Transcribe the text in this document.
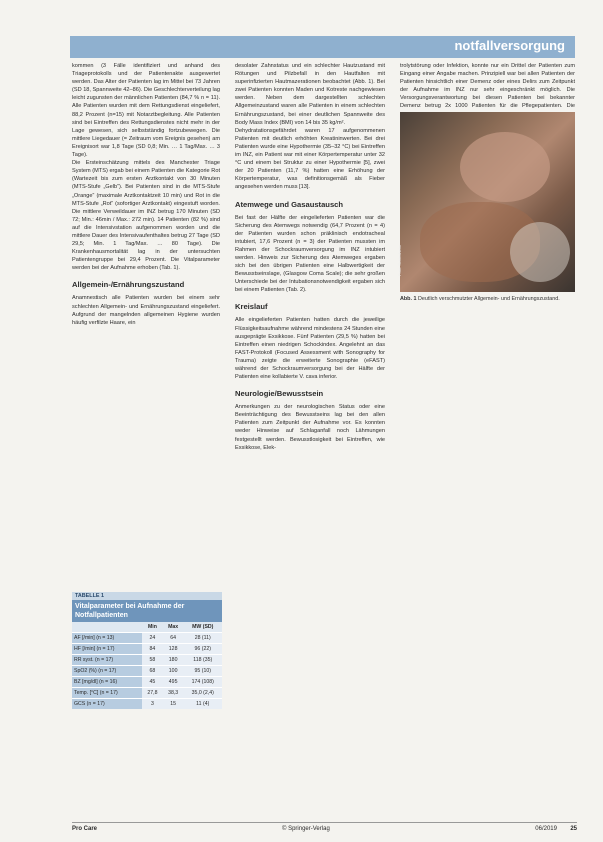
notfallversorgung

kommen (3 Fälle identifiziert und anhand des Triageprotokolls und der Patientenakte ausgewertet werden. Das Alter der Patienten lag im Mittel bei 73 Jahren (SD 18, Spannweite 42–86). Die Geschlechterverteilung lag leicht zugunsten der männlichen Patienten (84,7 % n = 11). Alle Patienten wurden mit dem Rettungsdienst eingeliefert, 88,2 Prozent (n=15) mit Notarztbegleitung. Alle Patienten sind bei Eintreffen des Rettungsdienstes nicht mehr in der Lage gewesen, sich selbstständig fortzubewegen. Die mittlere Liegedauer (= Zeitraum vom Ereignis gesehen) am Ereignisort war 1,8 Tage (SD 0,8; Min. … 1 Tag/Max. … 3 Tage).

Die Ersteinschätzung mittels des Manchester Triage System (MTS) ergab bei einem Patienten die Kategorie Rot (Wartezeit bis zum ersten Arztkontakt von 30 Minuten (MTS-Stufe „Gelb“). Bei Patienten sind in die MTS-Stufe „Orange“ (maximale Arztkontaktzeit 10 min) und Rot in die MTS-Stufe „Rot“ (sofortiger Arztkontakt) eingestuft worden. Die mittlere Verweildauer im INZ betrug 170 Minuten (SD 72; Min.: 46min / Max.: 272 min). 14 Patienten (82 %) sind auf die Intensivstation aufgenommen worden und die mittlere Dauer des Intensivaufenthaltes betrug 27 Tage (SD 29,5; Min. 1 Tag/Max. … 80 Tage). Die Krankenhausmortalität lag in der untersuchten Patientengruppe bei 29,4 Prozent. Die Vitalparameter werden bei der Aufnahme erhoben (Tab. 1).

Allgemein-/Ernährungszustand

Anamnestisch alle Patienten wurden bei einem sehr schlechten Allgemein- und Ernährungszustand eingeliefert. Aufgrund der mangelnden allgemeinen Hygiene wurden häufig verfilzte Haare, ein

desolater Zahnstatus und ein schlechter Hautzustand mit Rötungen und Pilzbefall in den Hautfalten mit superinfizierten Hautmazerationen beobachtet (Abb. 1). Bei zwei Patienten konnten Maden und Kotreste nachgewiesen werden. Neben dem dargestellten schlechten Allgemeinzustand waren alle Patienten in einem schlechten Ernährungszustand, bei einer deutlichen Spannweite des Body Mass Index (BMI) von 14 bis 35 kg/m².

Dehydratationsgefährdet waren 17 aufgenommenen Patienten mit deutlich erhöhten Kreatininwerten. Bei drei Patienten wurde eine Hypothermie (35–32 °C) bei Eintreffen im INZ, ein Patient war mit einer Körpertemperatur unter 32 °C und einem bei Struktur zu einer Hypothermie [5], zwei der 20 Patienten (11,7 %) hatten eine Erhöhung der Körpertemperatur, was definitionsgemäß als Fieber angesehen werden muss [13].

Atemwege und Gasaustausch

Bei fast der Hälfte der eingelieferten Patienten war die Sicherung des Atemwegs notwendig (64,7 Prozent (n = 4) der Patienten wurden schon präklinisch endotracheal intubiert, 17,6 Prozent (n = 3) der Patienten mussten im Rahmen der Schockraumversorgung im INZ intubiert werden. Hinweis zur Sicherung des Atemweges ergaben sich bei den übrigen Patienten eine Halbwertigkeit der Bewusstseinslage, (Glasgow Coma Scale); die sehr großen Unterschiede bei der Intubationsnotwendigkeit ergaben sich bei einem Patienten (Tab. 2).

Kreislauf

Alle eingelieferten Patienten hatten durch die jeweilige Flüssigkeitsaufnahme während mindestens 24 Stunden eine ausgeprägte Exsikkose. Fünf Patienten (29,5 %) hatten bei Eintreffen einen niedrigen Schockindex. Angelehnt an das FAST-Protokoll (Focused Assessment with Sonography for Trauma) zeigte die erweiterte Sonographie (eFAST) während der Schockraumversorgung bei der Hälfte der Patienten eine kollabierte V. cava inferior.

Neurologie/Bewusstsein

Anmerkungen zu der neurologischen Status oder eine Beeinträchtigung des Bewusstseins lag bei den allen Patienten zum Zeitpunkt der Aufnahme vor. Es konnten weder Hinweise auf Schlaganfall noch Lähmungen festgestellt werden. Bewusstlosigkeit bei Eintreffen, wie Exsikkose, Elek-

trolytstörung oder Infektion, konnte nur ein Drittel der Patienten zum Eingang einer Angabe machen. Prinzipiell war bei allen Patienten der Patienten hinsichtlich einer Demenz oder eines Delirs zum Zeitpunkt der Aufnahme im INZ nur sehr eingeschränkt möglich. Die Versorgungsverantwortung bei diesen Patienten bei bekannter Demenz betrug 2x 1000 Patienten für die Pflegepatienten. Die

Foto: Schiedhelm
Abb. 1 Deutlich verschmutzter Allgemein- und Ernährungszustand.
TABELLE 1
Vitalparameter bei Aufnahme der Notfallpatienten
	Min	Max	MW (SD)
AF [/min] (n = 13)	24	64	28 (11)
HF [/min] (n = 17)	84	128	96 (22)
RR syst. (n = 17)	58	180	118 (35)
SpO2 (%) (n = 17)	68	100	95 (10)
BZ [mg/dl] (n = 16)	45	495	174 (108)
Temp. [°C] (n = 17)	27,8	38,3	35,0 (2,4)
GCS (n = 17)	3	15	11 (4)
Pro Care	© Springer-Verlag	06/2019 25
